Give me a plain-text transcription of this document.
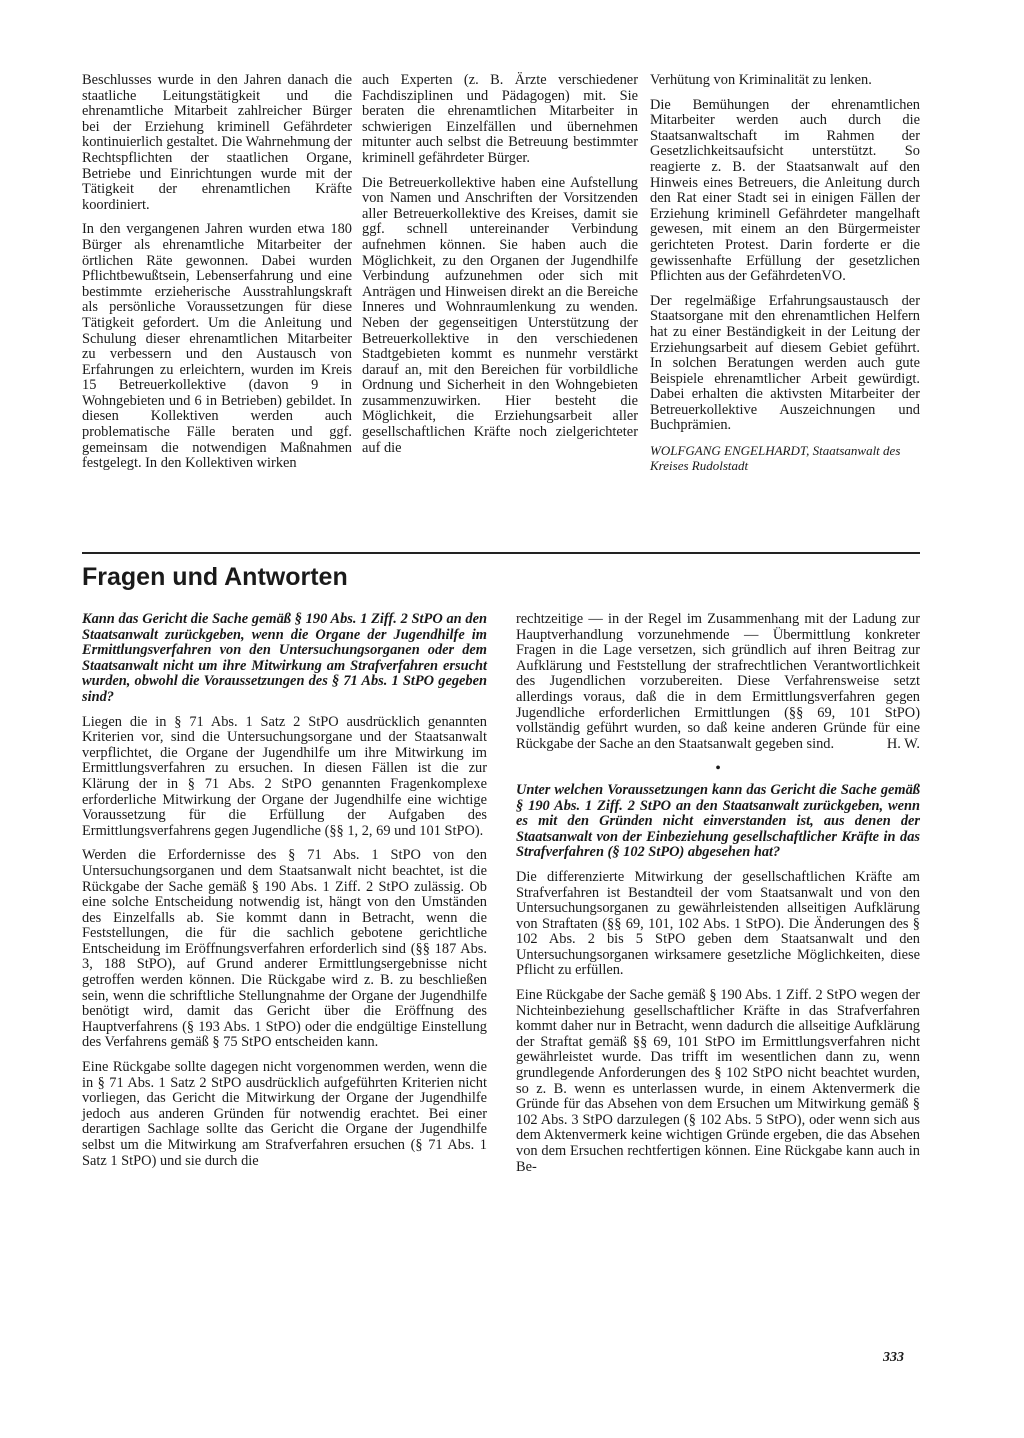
Beschlusses wurde in den Jahren danach die staatliche Leitungstätigkeit und die ehrenamtliche Mitarbeit zahlreicher Bürger bei der Erziehung kriminell Gefährdeter kontinuierlich gestaltet. Die Wahrnehmung der Rechtspflichten der staatlichen Organe, Betriebe und Einrichtungen wurde mit der Tätigkeit der ehrenamtlichen Kräfte koordiniert.

In den vergangenen Jahren wurden etwa 180 Bürger als ehrenamtliche Mitarbeiter der örtlichen Räte gewonnen. Dabei wurden Pflichtbewußtsein, Lebenserfahrung und eine bestimmte erzieherische Ausstrahlungskraft als persönliche Voraussetzungen für diese Tätigkeit gefordert. Um die Anleitung und Schulung dieser ehrenamtlichen Mitarbeiter zu verbessern und den Austausch von Erfahrungen zu erleichtern, wurden im Kreis 15 Betreuerkollektive (davon 9 in Wohngebieten und 6 in Betrieben) gebildet. In diesen Kollektiven werden auch problematische Fälle beraten und ggf. gemeinsam die notwendigen Maßnahmen festgelegt. In den Kollektiven wirken

auch Experten (z. B. Ärzte verschiedener Fachdisziplinen und Pädagogen) mit. Sie beraten die ehrenamtlichen Mitarbeiter in schwierigen Einzelfällen und übernehmen mitunter auch selbst die Betreuung bestimmter kriminell gefährdeter Bürger.

Die Betreuerkollektive haben eine Aufstellung von Namen und Anschriften der Vorsitzenden aller Betreuerkollektive des Kreises, damit sie ggf. schnell untereinander Verbindung aufnehmen können. Sie haben auch die Möglichkeit, zu den Organen der Jugendhilfe Verbindung aufzunehmen oder sich mit Anträgen und Hinweisen direkt an die Bereiche Inneres und Wohnraumlenkung zu wenden. Neben der gegenseitigen Unterstützung der Betreuerkollektive in den verschiedenen Stadtgebieten kommt es nunmehr verstärkt darauf an, mit den Bereichen für vorbildliche Ordnung und Sicherheit in den Wohngebieten zusammenzuwirken. Hier besteht die Möglichkeit, die Erziehungsarbeit aller gesellschaftlichen Kräfte noch zielgerichteter auf die

Verhütung von Kriminalität zu lenken.

Die Bemühungen der ehrenamtlichen Mitarbeiter werden auch durch die Staatsanwaltschaft im Rahmen der Gesetzlichkeitsaufsicht unterstützt. So reagierte z. B. der Staatsanwalt auf den Hinweis eines Betreuers, die Anleitung durch den Rat einer Stadt sei in einigen Fällen der Erziehung kriminell Gefährdeter mangelhaft gewesen, mit einem an den Bürgermeister gerichteten Protest. Darin forderte er die gewissenhafte Erfüllung der gesetzlichen Pflichten aus der GefährdetenVO.

Der regelmäßige Erfahrungsaustausch der Staatsorgane mit den ehrenamtlichen Helfern hat zu einer Beständigkeit in der Leitung der Erziehungsarbeit auf diesem Gebiet geführt. In solchen Beratungen werden auch gute Beispiele ehrenamtlicher Arbeit gewürdigt. Dabei erhalten die aktivsten Mitarbeiter der Betreuerkollektive Auszeichnungen und Buchprämien.

WOLFGANG ENGELHARDT, Staatsanwalt des Kreises Rudolstadt

Fragen und Antworten

Kann das Gericht die Sache gemäß § 190 Abs. 1 Ziff. 2 StPO an den Staatsanwalt zurückgeben, wenn die Organe der Jugendhilfe im Ermittlungsverfahren von den Untersuchungsorganen oder dem Staatsanwalt nicht um ihre Mitwirkung am Strafverfahren ersucht wurden, obwohl die Voraussetzungen des § 71 Abs. 1 StPO gegeben sind?

Liegen die in § 71 Abs. 1 Satz 2 StPO ausdrücklich genannten Kriterien vor, sind die Untersuchungsorgane und der Staatsanwalt verpflichtet, die Organe der Jugendhilfe um ihre Mitwirkung im Ermittlungsverfahren zu ersuchen. In diesen Fällen ist die zur Klärung der in § 71 Abs. 2 StPO genannten Fragenkomplexe erforderliche Mitwirkung der Organe der Jugendhilfe eine wichtige Voraussetzung für die Erfüllung der Aufgaben des Ermittlungsverfahrens gegen Jugendliche (§§ 1, 2, 69 und 101 StPO).

Werden die Erfordernisse des § 71 Abs. 1 StPO von den Untersuchungsorganen und dem Staatsanwalt nicht beachtet, ist die Rückgabe der Sache gemäß § 190 Abs. 1 Ziff. 2 StPO zulässig. Ob eine solche Entscheidung notwendig ist, hängt von den Umständen des Einzelfalls ab. Sie kommt dann in Betracht, wenn die Feststellungen, die für die sachlich gebotene gerichtliche Entscheidung im Eröffnungsverfahren erforderlich sind (§§ 187 Abs. 3, 188 StPO), auf Grund anderer Ermittlungsergebnisse nicht getroffen werden können. Die Rückgabe wird z. B. zu beschließen sein, wenn die schriftliche Stellungnahme der Organe der Jugendhilfe benötigt wird, damit das Gericht über die Eröffnung des Hauptverfahrens (§ 193 Abs. 1 StPO) oder die endgültige Einstellung des Verfahrens gemäß § 75 StPO entscheiden kann.

Eine Rückgabe sollte dagegen nicht vorgenommen werden, wenn die in § 71 Abs. 1 Satz 2 StPO ausdrücklich aufgeführten Kriterien nicht vorliegen, das Gericht die Mitwirkung der Organe der Jugendhilfe jedoch aus anderen Gründen für notwendig erachtet. Bei einer derartigen Sachlage sollte das Gericht die Organe der Jugendhilfe selbst um die Mitwirkung am Strafverfahren ersuchen (§ 71 Abs. 1 Satz 1 StPO) und sie durch die

rechtzeitige — in der Regel im Zusammenhang mit der Ladung zur Hauptverhandlung vorzunehmende — Übermittlung konkreter Fragen in die Lage versetzen, sich gründlich auf ihren Beitrag zur Aufklärung und Feststellung der strafrechtlichen Verantwortlichkeit des Jugendlichen vorzubereiten. Diese Verfahrensweise setzt allerdings voraus, daß die in dem Ermittlungsverfahren gegen Jugendliche erforderlichen Ermittlungen (§§ 69, 101 StPO) vollständig geführt wurden, so daß keine anderen Gründe für eine Rückgabe der Sache an den Staatsanwalt gegeben sind.	H. W.

•

Unter welchen Voraussetzungen kann das Gericht die Sache gemäß § 190 Abs. 1 Ziff. 2 StPO an den Staatsanwalt zurückgeben, wenn es mit den Gründen nicht einverstanden ist, aus denen der Staatsanwalt von der Einbeziehung gesellschaftlicher Kräfte in das Strafverfahren (§ 102 StPO) abgesehen hat?

Die differenzierte Mitwirkung der gesellschaftlichen Kräfte am Strafverfahren ist Bestandteil der vom Staatsanwalt und von den Untersuchungsorganen zu gewährleistenden allseitigen Aufklärung von Straftaten (§§ 69, 101, 102 Abs. 1 StPO). Die Änderungen des § 102 Abs. 2 bis 5 StPO geben dem Staatsanwalt und den Untersuchungsorganen wirksamere gesetzliche Möglichkeiten, diese Pflicht zu erfüllen.

Eine Rückgabe der Sache gemäß § 190 Abs. 1 Ziff. 2 StPO wegen der Nichteinbeziehung gesellschaftlicher Kräfte in das Strafverfahren kommt daher nur in Betracht, wenn dadurch die allseitige Aufklärung der Straftat gemäß §§ 69, 101 StPO im Ermittlungsverfahren nicht gewährleistet wurde. Das trifft im wesentlichen dann zu, wenn grundlegende Anforderungen des § 102 StPO nicht beachtet wurden, so z. B. wenn es unterlassen wurde, in einem Aktenvermerk die Gründe für das Absehen von dem Ersuchen um Mitwirkung gemäß § 102 Abs. 3 StPO darzulegen (§ 102 Abs. 5 StPO), oder wenn sich aus dem Aktenvermerk keine wichtigen Gründe ergeben, die das Absehen von dem Ersuchen rechtfertigen können. Eine Rückgabe kann auch in Be-

333
